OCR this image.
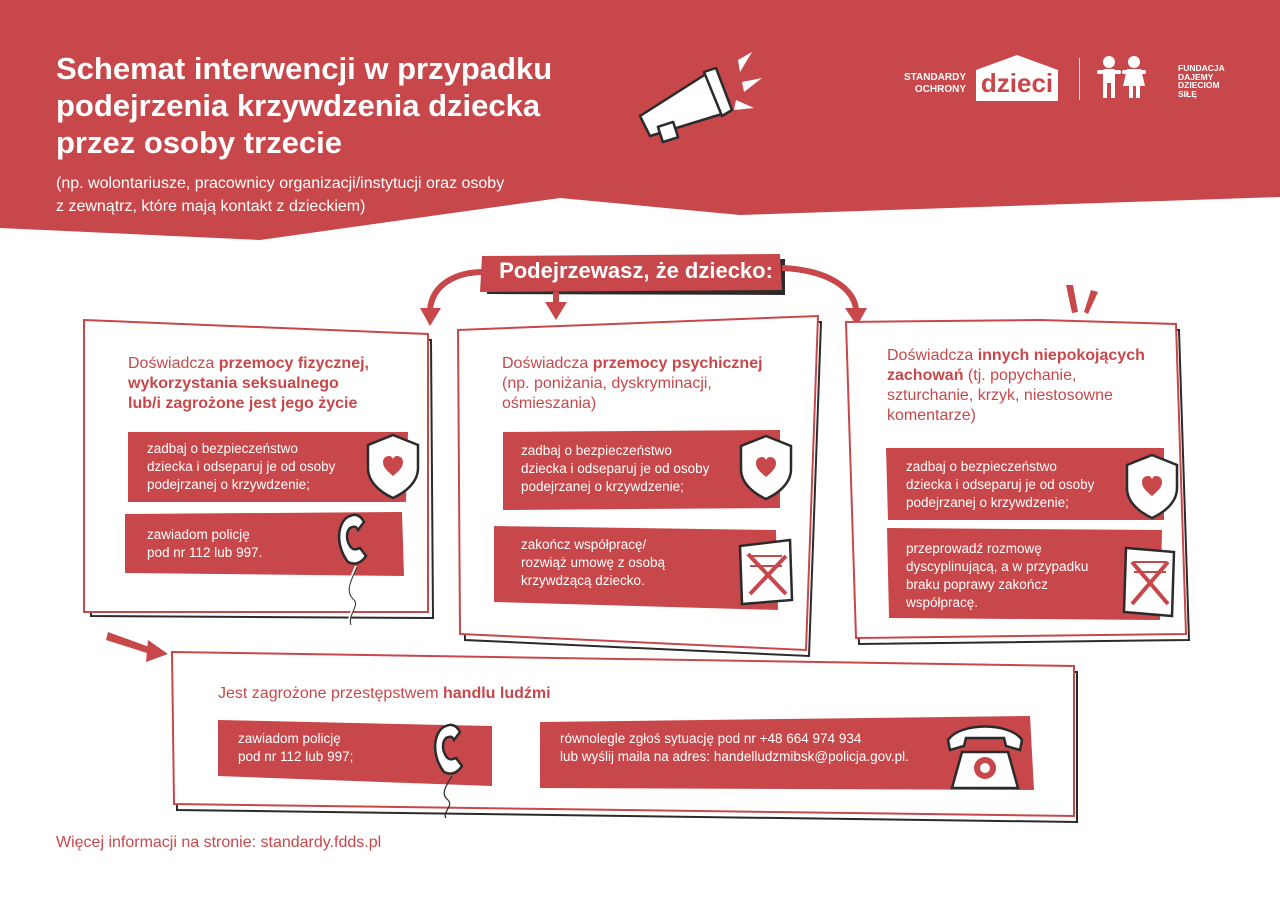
Schemat interwencji w przypadku
podejrzenia krzywdzenia dziecka
przez osoby trzecie
(np. wolontariusze, pracownicy organizacji/instytucji oraz osoby
z zewnątrz, które mają kontakt z dzieckiem)
STANDARDY
OCHRONY dzieci	FUNDACJA
DAJEMY
DZIECIOM
SIŁĘ
Podejrzewasz, że dziecko:
Doświadcza przemocy fizycznej,
wykorzystania seksualnego
lub/i zagrożone jest jego życie
zadbaj o bezpieczeństwo
dziecka i odseparuj je od osoby
podejrzanej o krzywdzenie;
zawiadom policję
pod nr 112 lub 997.
Doświadcza przemocy psychicznej
(np. poniżania, dyskryminacji,
ośmieszania)
zadbaj o bezpieczeństwo
dziecka i odseparuj je od osoby
podejrzanej o krzywdzenie;
zakończ współpracę/
rozwiąż umowę z osobą
krzywdzącą dziecko.
Doświadcza innych niepokojących
zachowań (tj. popychanie,
szturchanie, krzyk, niestosowne
komentarze)
zadbaj o bezpieczeństwo
dziecka i odseparuj je od osoby
podejrzanej o krzywdzenie;
przeprowadź rozmowę
dyscyplinującą, a w przypadku
braku poprawy zakończ
współpracę.
Jest zagrożone przestępstwem handlu ludźmi
zawiadom policję
pod nr 112 lub 997;
równolegle zgłoś sytuację pod nr +48 664 974 934
lub wyślij maila na adres: handelludzmibsk@policja.gov.pl.
Więcej informacji na stronie: standardy.fdds.pl
